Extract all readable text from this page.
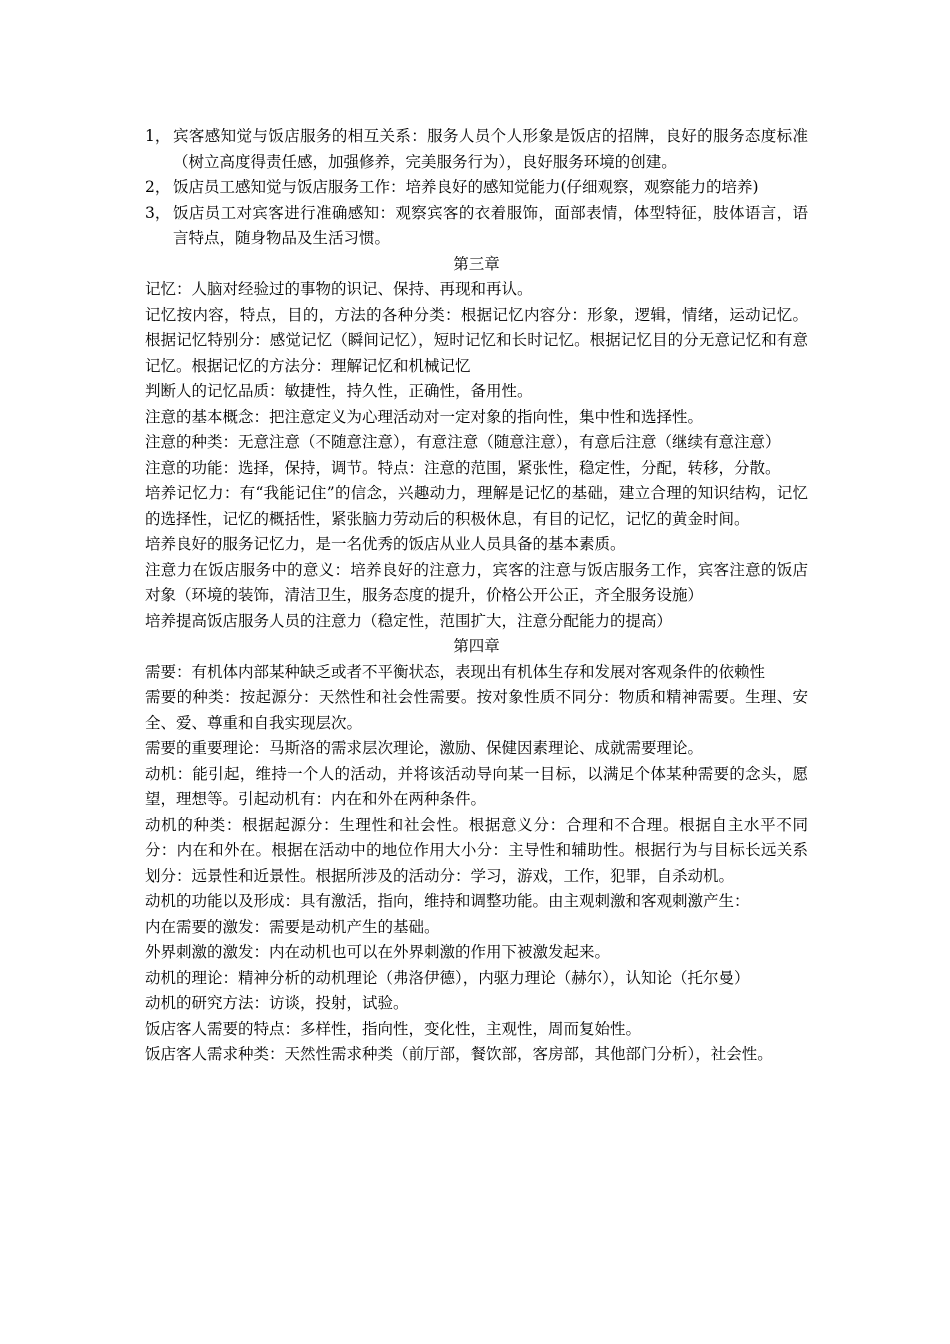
1， 宾客感知觉与饭店服务的相互关系：服务人员个人形象是饭店的招牌，良好的服务态度标准（树立高度得责任感，加强修养，完美服务行为），良好服务环境的创建。

2， 饭店员工感知觉与饭店服务工作：培养良好的感知觉能力(仔细观察，观察能力的培养)

3， 饭店员工对宾客进行准确感知：观察宾客的衣着服饰，面部表情，体型特征，肢体语言，语言特点，随身物品及生活习惯。

第三章

记忆：人脑对经验过的事物的识记、保持、再现和再认。

记忆按内容，特点，目的，方法的各种分类：根据记忆内容分：形象，逻辑，情绪，运动记忆。根据记忆特别分：感觉记忆（瞬间记忆），短时记忆和长时记忆。根据记忆目的分无意记忆和有意记忆。根据记忆的方法分：理解记忆和机械记忆

判断人的记忆品质：敏捷性，持久性，正确性，备用性。

注意的基本概念：把注意定义为心理活动对一定对象的指向性，集中性和选择性。

注意的种类：无意注意（不随意注意），有意注意（随意注意），有意后注意（继续有意注意）

注意的功能：选择，保持，调节。特点：注意的范围，紧张性，稳定性，分配，转移，分散。

培养记忆力：有“我能记住”的信念，兴趣动力，理解是记忆的基础，建立合理的知识结构，记忆的选择性，记忆的概括性，紧张脑力劳动后的积极休息，有目的记忆，记忆的黄金时间。

培养良好的服务记忆力，是一名优秀的饭店从业人员具备的基本素质。

注意力在饭店服务中的意义：培养良好的注意力，宾客的注意与饭店服务工作，宾客注意的饭店对象（环境的装饰，清洁卫生，服务态度的提升，价格公开公正，齐全服务设施）

培养提高饭店服务人员的注意力（稳定性，范围扩大，注意分配能力的提高）

第四章

需要：有机体内部某种缺乏或者不平衡状态，表现出有机体生存和发展对客观条件的依赖性

需要的种类：按起源分：天然性和社会性需要。按对象性质不同分：物质和精神需要。生理、安全、爱、尊重和自我实现层次。

需要的重要理论：马斯洛的需求层次理论，激励、保健因素理论、成就需要理论。

动机：能引起，维持一个人的活动，并将该活动导向某一目标，以满足个体某种需要的念头，愿望，理想等。引起动机有：内在和外在两种条件。

动机的种类：根据起源分：生理性和社会性。根据意义分：合理和不合理。根据自主水平不同分：内在和外在。根据在活动中的地位作用大小分：主导性和辅助性。根据行为与目标长远关系划分：远景性和近景性。根据所涉及的活动分：学习，游戏，工作，犯罪，自杀动机。

动机的功能以及形成：具有激活，指向，维持和调整功能。由主观刺激和客观刺激产生：

内在需要的激发：需要是动机产生的基础。

外界刺激的激发：内在动机也可以在外界刺激的作用下被激发起来。

动机的理论：精神分析的动机理论（弗洛伊德），内驱力理论（赫尔），认知论（托尔曼）

动机的研究方法：访谈，投射，试验。

饭店客人需要的特点：多样性，指向性，变化性，主观性，周而复始性。

饭店客人需求种类：天然性需求种类（前厅部，餐饮部，客房部，其他部门分析），社会性。
